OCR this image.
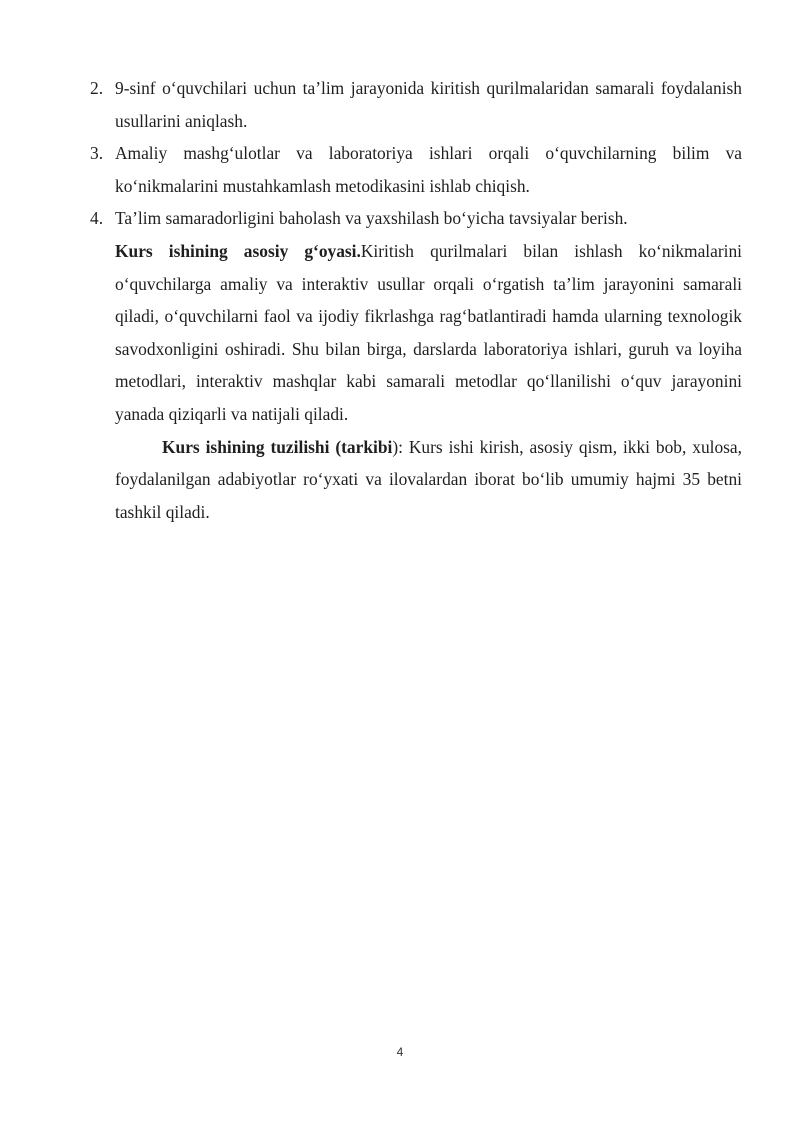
2. 9-sinf o‘quvchilari uchun ta’lim jarayonida kiritish qurilmalaridan samarali foydalanish usullarini aniqlash.
3. Amaliy mashg‘ulotlar va laboratoriya ishlari orqali o‘quvchilarning bilim va ko‘nikmalarini mustahkamlash metodikasini ishlab chiqish.
4. Ta’lim samaradorligini baholash va yaxshilash bo‘yicha tavsiyalar berish.
Kurs ishining asosiy g‘oyasi.Kiritish qurilmalari bilan ishlash ko‘nikmalarini o‘quvchilarga amaliy va interaktiv usullar orqali o‘rgatish ta’lim jarayonini samarali qiladi, o‘quvchilarni faol va ijodiy fikrlashga rag‘batlantiradi hamda ularning texnologik savodxonligini oshiradi. Shu bilan birga, darslarda laboratoriya ishlari, guruh va loyiha metodlari, interaktiv mashqlar kabi samarali metodlar qo‘llanilishi o‘quv jarayonini yanada qiziqarli va natijali qiladi.
Kurs ishining tuzilishi (tarkibi): Kurs ishi kirish, asosiy qism, ikki bob, xulosa, foydalanilgan adabiyotlar ro‘yxati va ilovalardan iborat bo‘lib umumiy hajmi 35 betni tashkil qiladi.
4
